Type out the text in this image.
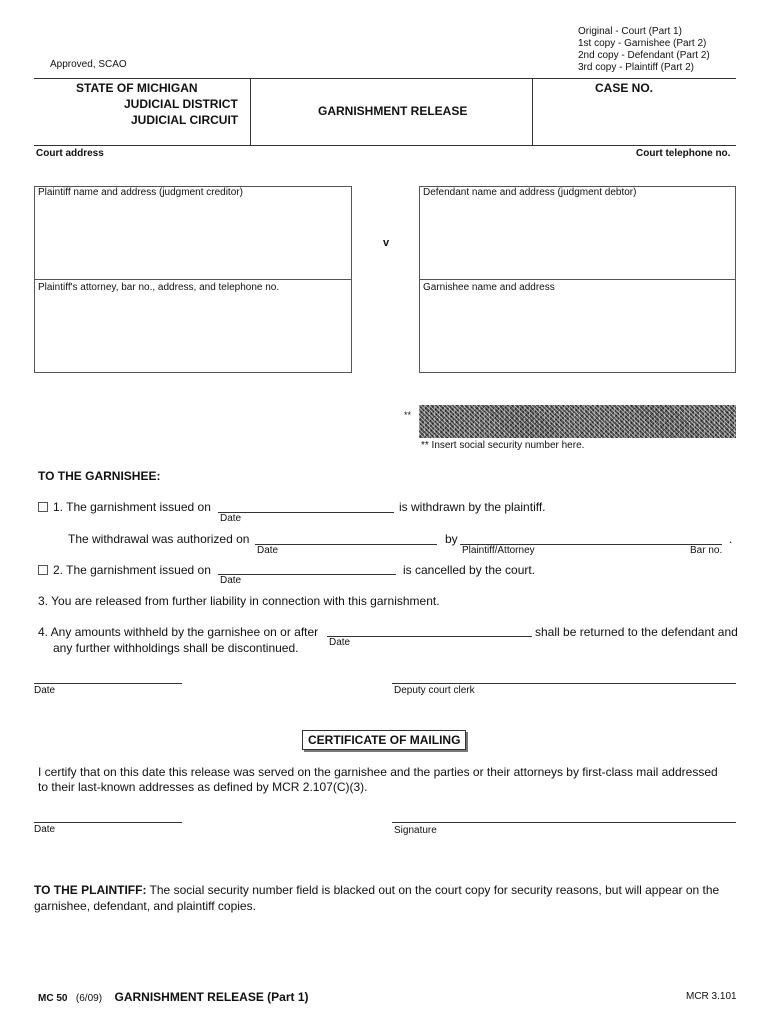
Approved, SCAO
Original - Court (Part 1)
1st copy - Garnishee (Part 2)
2nd copy - Defendant (Part 2)
3rd copy - Plaintiff (Part 2)
STATE OF MICHIGAN
JUDICIAL DISTRICT
JUDICIAL CIRCUIT
GARNISHMENT RELEASE
CASE NO.
Court address	Court telephone no.
Plaintiff name and address (judgment creditor)
Plaintiff's attorney, bar no., address, and telephone no.
v
Defendant name and address (judgment debtor)
Garnishee name and address
**
** Insert social security number here.
TO THE GARNISHEE:
1. The garnishment issued on
Date
is withdrawn by the plaintiff.
The withdrawal was authorized on
Date
by
Plaintiff/Attorney	Bar no.
.
2. The garnishment issued on
Date
is cancelled by the court.
3. You are released from further liability in connection with this garnishment.
4. Any amounts withheld by the garnishee on or after
Date
shall be returned to the defendant and
any further withholdings shall be discontinued.
Date	Deputy court clerk
CERTIFICATE OF MAILING
I certify that on this date this release was served on the garnishee and the parties or their attorneys by first-class mail addressed
to their last-known addresses as defined by MCR 2.107(C)(3).
Date	Signature
TO THE PLAINTIFF: The social security number field is blacked out on the court copy for security reasons, but will appear on the
garnishee, defendant, and plaintiff copies.
MC 50 (6/09) GARNISHMENT RELEASE (Part 1)	MCR 3.101
